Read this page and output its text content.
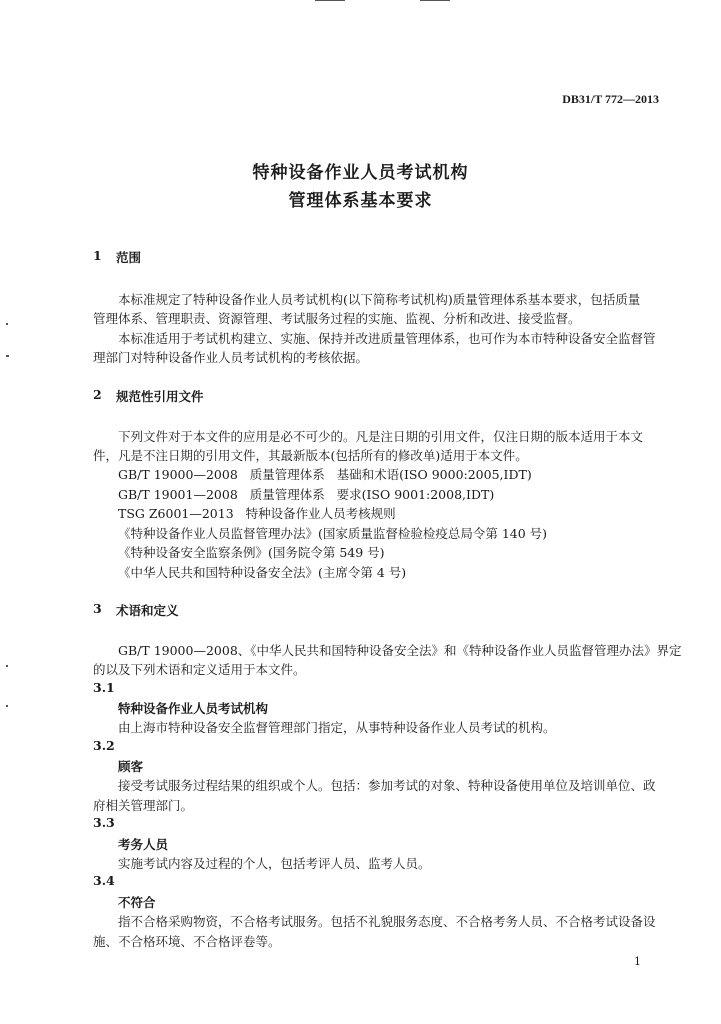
DB31/T 772—2013
特种设备作业人员考试机构
管理体系基本要求
1 范围
本标准规定了特种设备作业人员考试机构(以下简称考试机构)质量管理体系基本要求，包括质量
管理体系、管理职责、资源管理、考试服务过程的实施、监视、分析和改进、接受监督。
本标准适用于考试机构建立、实施、保持并改进质量管理体系，也可作为本市特种设备安全监督管
理部门对特种设备作业人员考试机构的考核依据。
2 规范性引用文件
下列文件对于本文件的应用是必不可少的。凡是注日期的引用文件，仅注日期的版本适用于本文
件，凡是不注日期的引用文件，其最新版本(包括所有的修改单)适用于本文件。
GB/T 19000—2008   质量管理体系   基础和术语(ISO 9000:2005,IDT)
GB/T 19001—2008   质量管理体系   要求(ISO 9001:2008,IDT)
TSG Z6001—2013   特种设备作业人员考核规则
《特种设备作业人员监督管理办法》(国家质量监督检验检疫总局令第 140 号)
《特种设备安全监察条例》(国务院令第 549 号)
《中华人民共和国特种设备安全法》(主席令第 4 号)
3 术语和定义
GB/T 19000—2008、《中华人民共和国特种设备安全法》和《特种设备作业人员监督管理办法》界定
的以及下列术语和定义适用于本文件。
3.1
特种设备作业人员考试机构
由上海市特种设备安全监督管理部门指定，从事特种设备作业人员考试的机构。
3.2
顾客
接受考试服务过程结果的组织或个人。包括：参加考试的对象、特种设备使用单位及培训单位、政
府相关管理部门。
3.3
考务人员
实施考试内容及过程的个人，包括考评人员、监考人员。
3.4
不符合
指不合格采购物资，不合格考试服务。包括不礼貌服务态度、不合格考务人员、不合格考试设备设
施、不合格环境、不合格评卷等。
1
